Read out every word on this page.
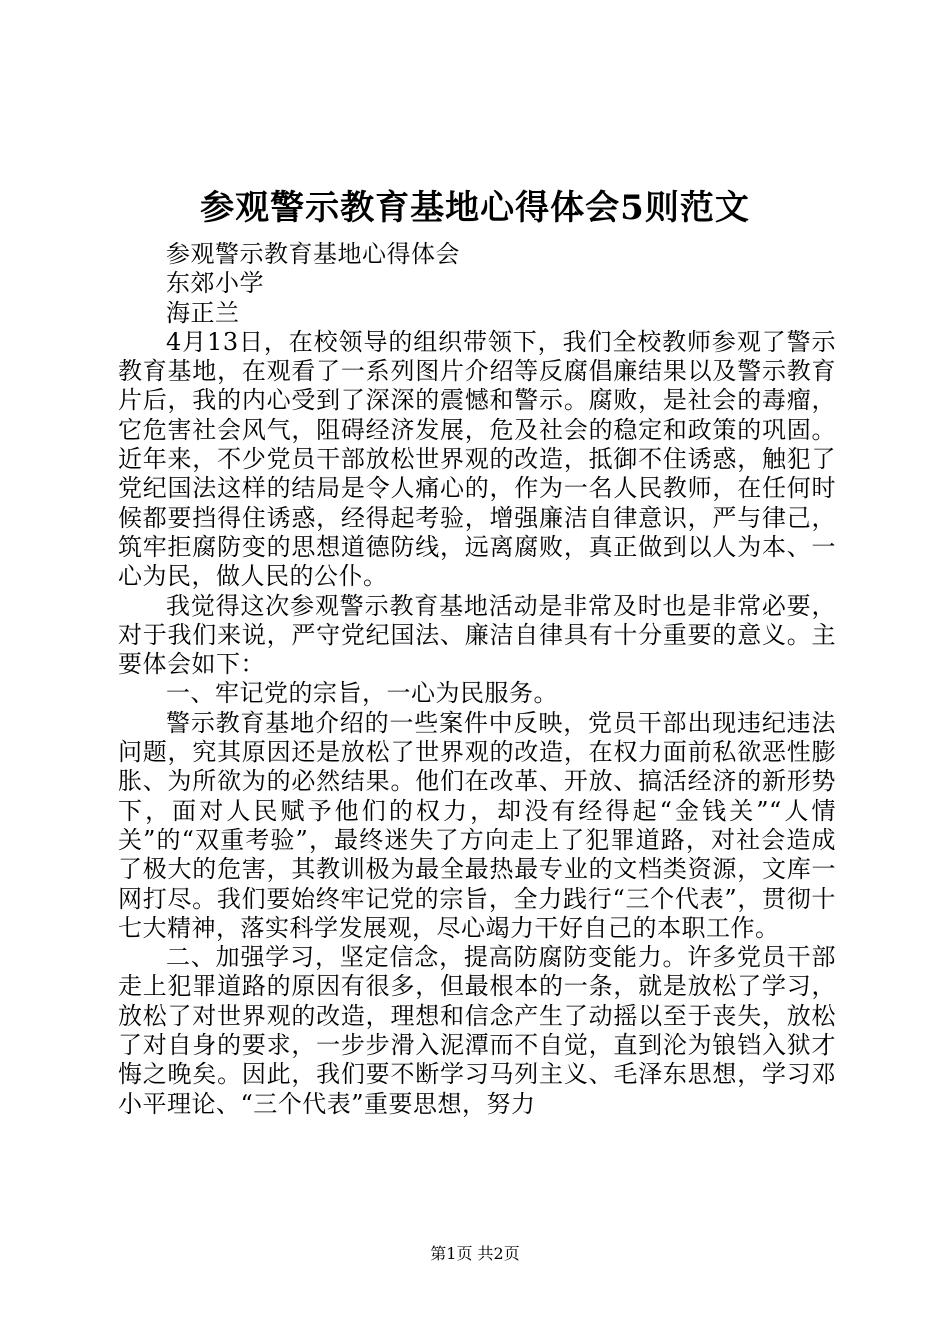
参观警示教育基地心得体会5则范文

参观警示教育基地心得体会

东郊小学

海正兰

4月13日，在校领导的组织带领下，我们全校教师参观了警示教育基地，在观看了一系列图片介绍等反腐倡廉结果以及警示教育片后，我的内心受到了深深的震憾和警示。腐败，是社会的毒瘤，它危害社会风气，阻碍经济发展，危及社会的稳定和政策的巩固。近年来，不少党员干部放松世界观的改造，抵御不住诱惑，触犯了党纪国法这样的结局是令人痛心的，作为一名人民教师，在任何时候都要挡得住诱惑，经得起考验，增强廉洁自律意识，严与律己，筑牢拒腐防变的思想道德防线，远离腐败，真正做到以人为本、一心为民，做人民的公仆。

我觉得这次参观警示教育基地活动是非常及时也是非常必要，对于我们来说，严守党纪国法、廉洁自律具有十分重要的意义。主要体会如下：

一、牢记党的宗旨，一心为民服务。

警示教育基地介绍的一些案件中反映，党员干部出现违纪违法问题，究其原因还是放松了世界观的改造，在权力面前私欲恶性膨胀、为所欲为的必然结果。他们在改革、开放、搞活经济的新形势下，面对人民赋予他们的权力，却没有经得起“金钱关”“人情关”的“双重考验”，最终迷失了方向走上了犯罪道路，对社会造成了极大的危害，其教训极为最全最热最专业的文档类资源，文库一网打尽。我们要始终牢记党的宗旨，全力践行“三个代表”，贯彻十七大精神，落实科学发展观，尽心竭力干好自己的本职工作。

二、加强学习，坚定信念，提高防腐防变能力。许多党员干部走上犯罪道路的原因有很多，但最根本的一条，就是放松了学习，放松了对世界观的改造，理想和信念产生了动摇以至于丧失，放松了对自身的要求，一步步滑入泥潭而不自觉，直到沦为锒铛入狱才悔之晚矣。因此，我们要不断学习马列主义、毛泽东思想，学习邓小平理论、“三个代表”重要思想，努力

第1页 共2页
